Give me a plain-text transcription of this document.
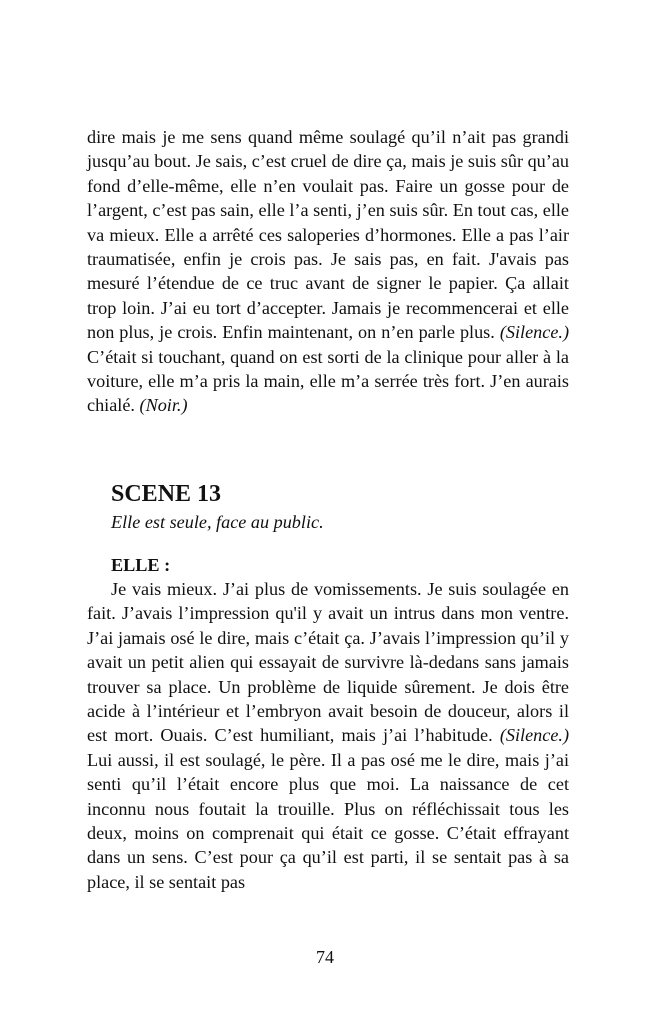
dire mais je me sens quand même soulagé qu’il n’ait pas grandi jusqu’au bout. Je sais, c’est cruel de dire ça, mais je suis sûr qu’au fond d’elle-même, elle n’en voulait pas. Faire un gosse pour de l’argent, c’est pas sain, elle l’a senti, j’en suis sûr. En tout cas, elle va mieux. Elle a arrêté ces saloperies d’hormones. Elle a pas l’air traumatisée, enfin je crois pas. Je sais pas, en fait. J'avais pas mesuré l’étendue de ce truc avant de signer le papier. Ça allait trop loin. J’ai eu tort d’accepter. Jamais je recommencerai et elle non plus, je crois. Enfin maintenant, on n’en parle plus. (Silence.) C’était si touchant, quand on est sorti de la clinique pour aller à la voiture, elle m’a pris la main, elle m’a serrée très fort. J’en aurais chialé. (Noir.)

SCENE 13

Elle est seule, face au public.

ELLE :

Je vais mieux. J’ai plus de vomissements. Je suis soulagée en fait. J’avais l’impression qu'il y avait un intrus dans mon ventre. J’ai jamais osé le dire, mais c’était ça. J’avais l’impression qu’il y avait un petit alien qui essayait de survivre là-dedans sans jamais trouver sa place. Un problème de liquide sûrement. Je dois être acide à l’intérieur et l’embryon avait besoin de douceur, alors il est mort. Ouais. C’est humiliant, mais j’ai l’habitude. (Silence.) Lui aussi, il est soulagé, le père. Il a pas osé me le dire, mais j’ai senti qu’il l’était encore plus que moi. La naissance de cet inconnu nous foutait la trouille. Plus on réfléchissait tous les deux, moins on comprenait qui était ce gosse. C’était effrayant dans un sens. C’est pour ça qu’il est parti, il se sentait pas à sa place, il se sentait pas

74
